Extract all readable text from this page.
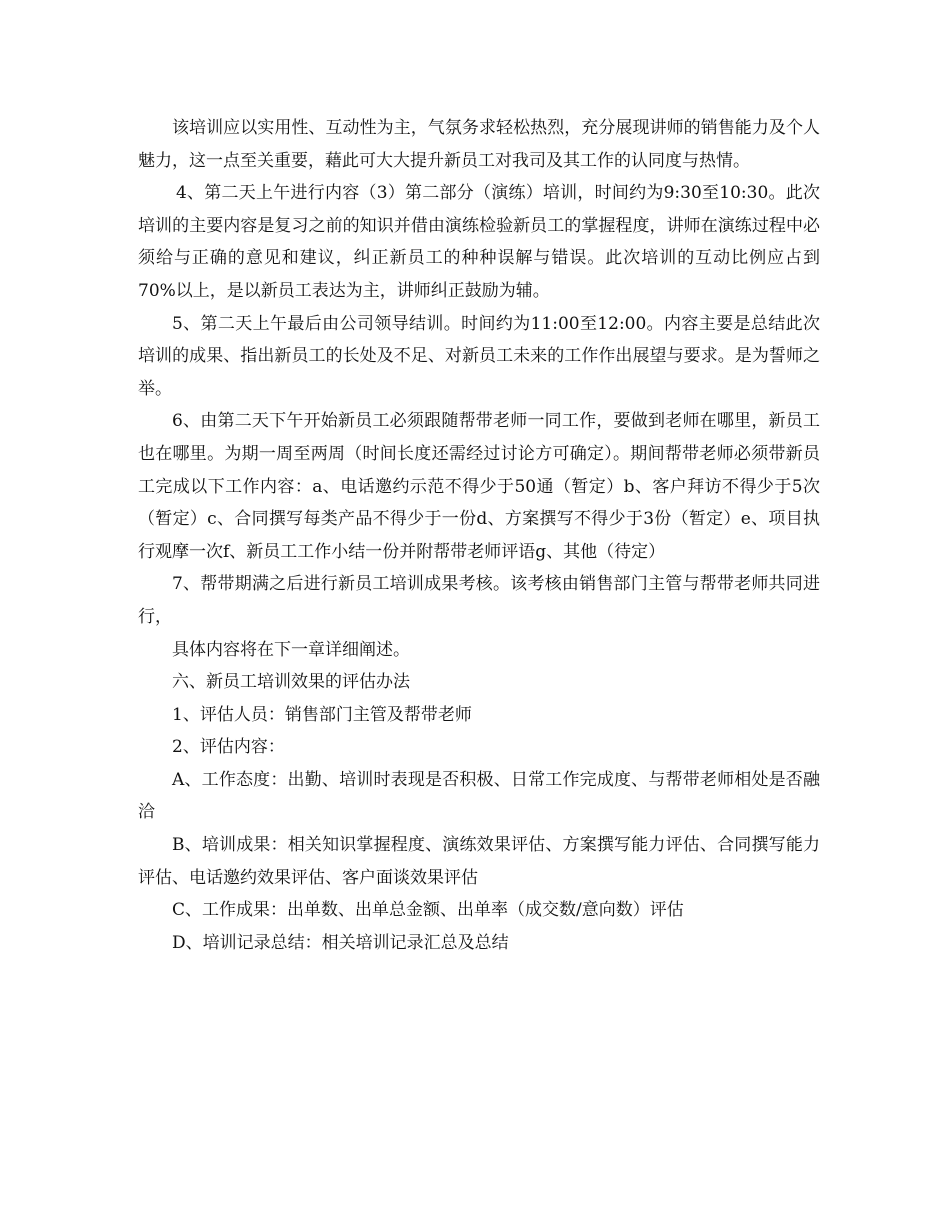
该培训应以实用性、互动性为主，气氛务求轻松热烈，充分展现讲师的销售能力及个人魅力，这一点至关重要，藉此可大大提升新员工对我司及其工作的认同度与热情。

4、第二天上午进行内容（3）第二部分（演练）培训，时间约为9:30至10:30。此次培训的主要内容是复习之前的知识并借由演练检验新员工的掌握程度，讲师在演练过程中必须给与正确的意见和建议，纠正新员工的种种误解与错误。此次培训的互动比例应占到70%以上，是以新员工表达为主，讲师纠正鼓励为辅。

5、第二天上午最后由公司领导结训。时间约为11:00至12:00。内容主要是总结此次培训的成果、指出新员工的长处及不足、对新员工未来的工作作出展望与要求。是为誓师之举。

6、由第二天下午开始新员工必须跟随帮带老师一同工作，要做到老师在哪里，新员工也在哪里。为期一周至两周（时间长度还需经过讨论方可确定）。期间帮带老师必须带新员工完成以下工作内容：a、电话邀约示范不得少于50通（暂定）b、客户拜访不得少于5次（暂定）c、合同撰写每类产品不得少于一份d、方案撰写不得少于3份（暂定）e、项目执行观摩一次f、新员工工作小结一份并附帮带老师评语g、其他（待定）

7、帮带期满之后进行新员工培训成果考核。该考核由销售部门主管与帮带老师共同进行，

具体内容将在下一章详细阐述。

六、新员工培训效果的评估办法

1、评估人员：销售部门主管及帮带老师

2、评估内容：

A、工作态度：出勤、培训时表现是否积极、日常工作完成度、与帮带老师相处是否融洽

B、培训成果：相关知识掌握程度、演练效果评估、方案撰写能力评估、合同撰写能力评估、电话邀约效果评估、客户面谈效果评估

C、工作成果：出单数、出单总金额、出单率（成交数/意向数）评估

D、培训记录总结：相关培训记录汇总及总结
